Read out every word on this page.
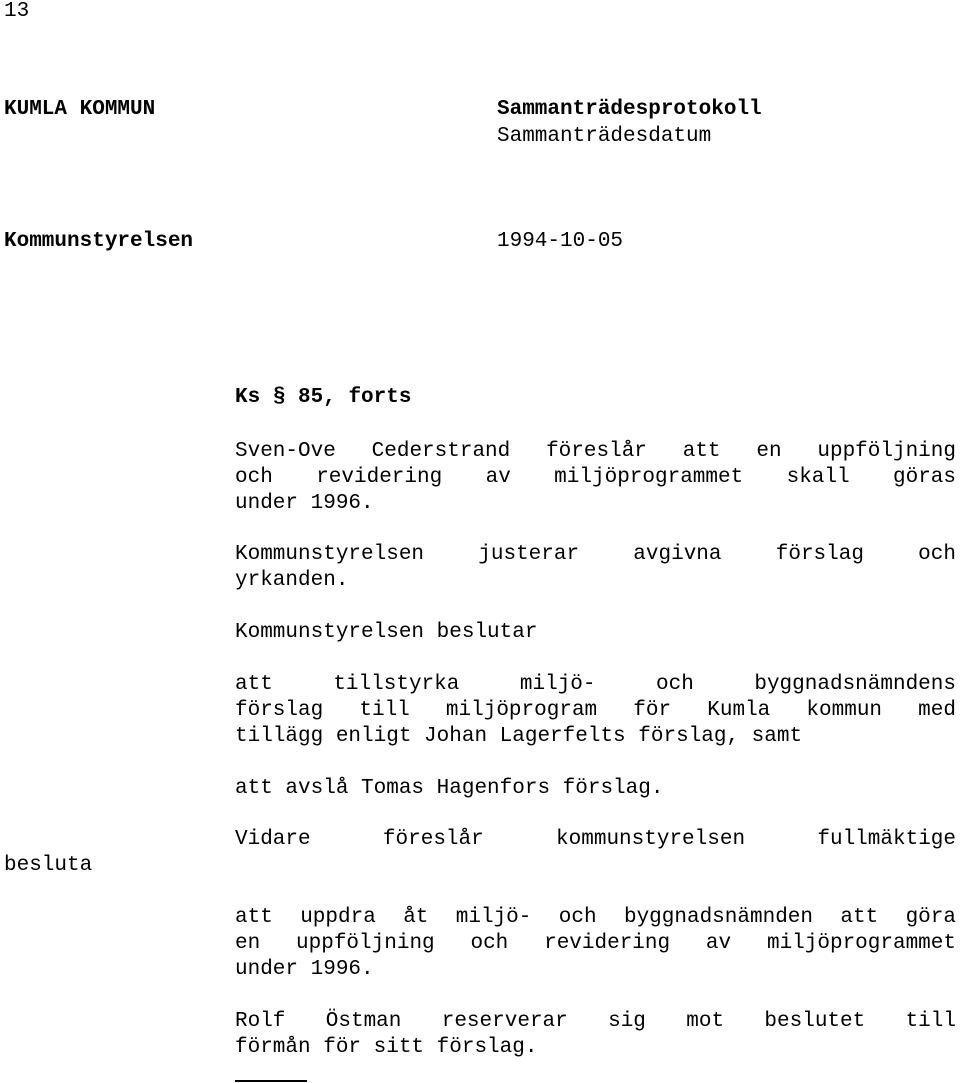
13
KUMLA KOMMUN	Sammanträdesprotokoll
Sammanträdesdatum
Kommunstyrelsen	1994-10-05
Ks § 85, forts
Sven-Ove Cederstrand föreslår att en uppföljning
och revidering av miljöprogrammet skall göras
under 1996.
Kommunstyrelsen justerar avgivna förslag och
yrkanden.
Kommunstyrelsen beslutar
att tillstyrka miljö- och byggnadsnämndens
förslag till miljöprogram för Kumla kommun med
tillägg enligt Johan Lagerfelts förslag, samt
att avslå Tomas Hagenfors förslag.
Vidare föreslår kommunstyrelsen fullmäktige
besluta
att uppdra åt miljö- och byggnadsnämnden att göra
en uppföljning och revidering av miljöprogrammet
under 1996.
Rolf Östman reserverar sig mot beslutet till
förmån för sitt förslag.
